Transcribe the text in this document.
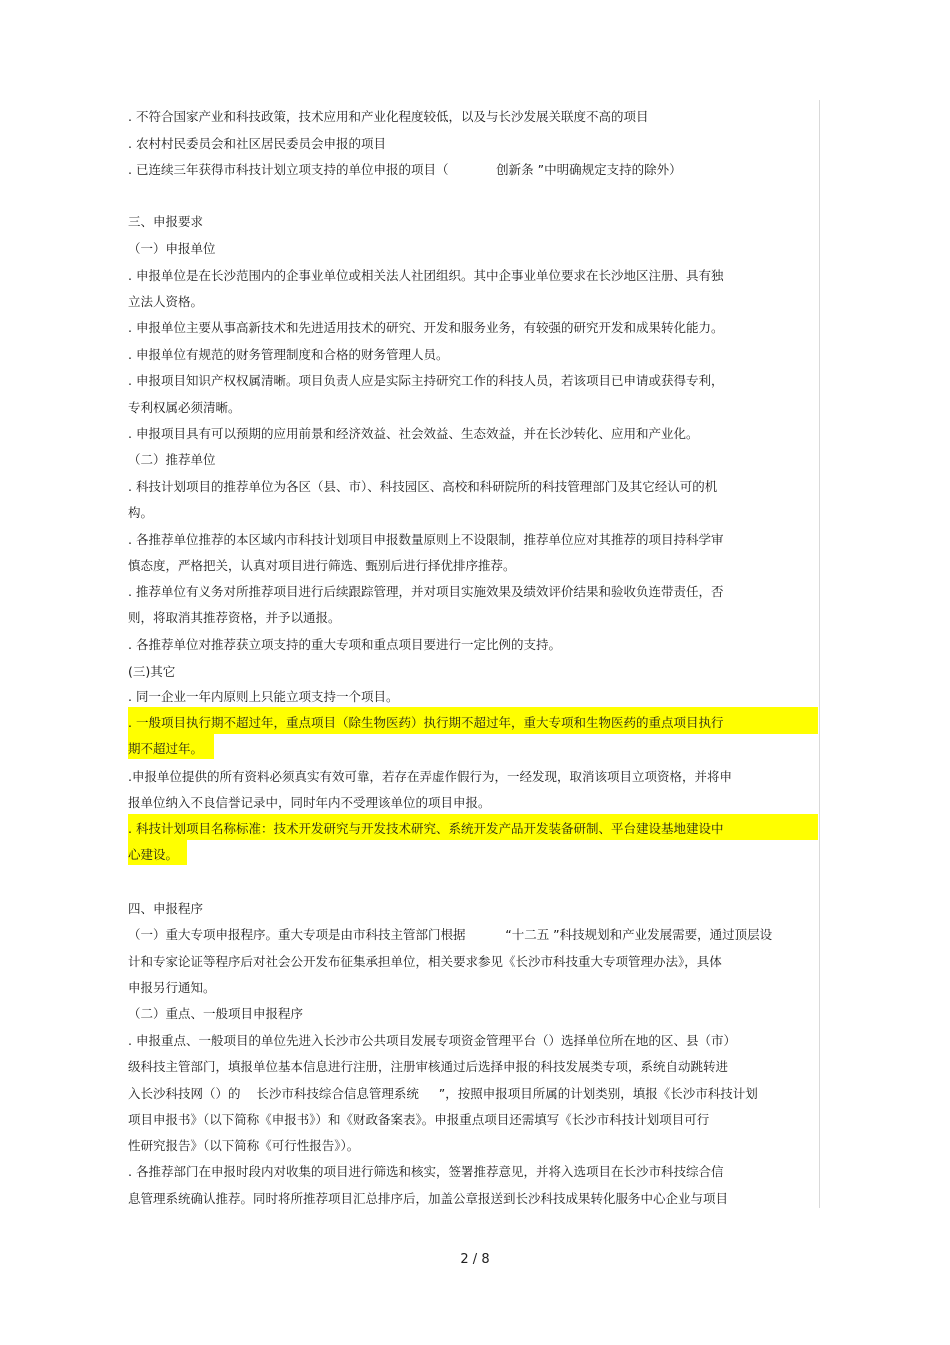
. 不符合国家产业和科技政策，技术应用和产业化程度较低，以及与长沙发展关联度不高的项目
. 农村村民委员会和社区居民委员会申报的项目
. 已连续三年获得市科技计划立项支持的单位申报的项目（            创新条 ”中明确规定支持的除外）
三、申报要求
（一）申报单位
. 申报单位是在长沙范围内的企事业单位或相关法人社团组织。其中企事业单位要求在长沙地区注册、具有独
立法人资格。
. 申报单位主要从事高新技术和先进适用技术的研究、开发和服务业务，有较强的研究开发和成果转化能力。
. 申报单位有规范的财务管理制度和合格的财务管理人员。
. 申报项目知识产权权属清晰。项目负责人应是实际主持研究工作的科技人员，若该项目已申请或获得专利，
专利权属必须清晰。
. 申报项目具有可以预期的应用前景和经济效益、社会效益、生态效益，并在长沙转化、应用和产业化。
（二）推荐单位
. 科技计划项目的推荐单位为各区（县、市）、科技园区、高校和科研院所的科技管理部门及其它经认可的机
构。
. 各推荐单位推荐的本区域内市科技计划项目申报数量原则上不设限制，推荐单位应对其推荐的项目持科学审
慎态度，严格把关，认真对项目进行筛选、甄别后进行择优排序推荐。
. 推荐单位有义务对所推荐项目进行后续跟踪管理，并对项目实施效果及绩效评价结果和验收负连带责任，否
则，将取消其推荐资格，并予以通报。
. 各推荐单位对推荐获立项支持的重大专项和重点项目要进行一定比例的支持。
(三)其它
. 同一企业一年内原则上只能立项支持一个项目。
. 一般项目执行期不超过年，重点项目（除生物医药）执行期不超过年，重大专项和生物医药的重点项目执行
期不超过年。
.申报单位提供的所有资料必须真实有效可靠，若存在弄虚作假行为，一经发现，取消该项目立项资格，并将申
报单位纳入不良信誉记录中，同时年内不受理该单位的项目申报。
. 科技计划项目名称标准：技术开发研究与开发技术研究、系统开发产品开发装备研制、平台建设基地建设中
心建设。
四、申报程序
（一）重大专项申报程序。重大专项是由市科技主管部门根据          “十二五 ”科技规划和产业发展需要，通过顶层设
计和专家论证等程序后对社会公开发布征集承担单位，相关要求参见《长沙市科技重大专项管理办法》，具体
申报另行通知。
（二）重点、一般项目申报程序
. 申报重点、一般项目的单位先进入长沙市公共项目发展专项资金管理平台（）选择单位所在地的区、县（市）
级科技主管部门，填报单位基本信息进行注册，注册审核通过后选择申报的科技发展类专项，系统自动跳转进
入长沙科技网（）的    长沙市科技综合信息管理系统     ”，按照申报项目所属的计划类别，填报《长沙市科技计划
项目申报书》（以下简称《申报书》）和《财政备案表》。申报重点项目还需填写《长沙市科技计划项目可行
性研究报告》（以下简称《可行性报告》）。
. 各推荐部门在申报时段内对收集的项目进行筛选和核实，签署推荐意见，并将入选项目在长沙市科技综合信
息管理系统确认推荐。同时将所推荐项目汇总排序后，加盖公章报送到长沙科技成果转化服务中心企业与项目
2 / 8
